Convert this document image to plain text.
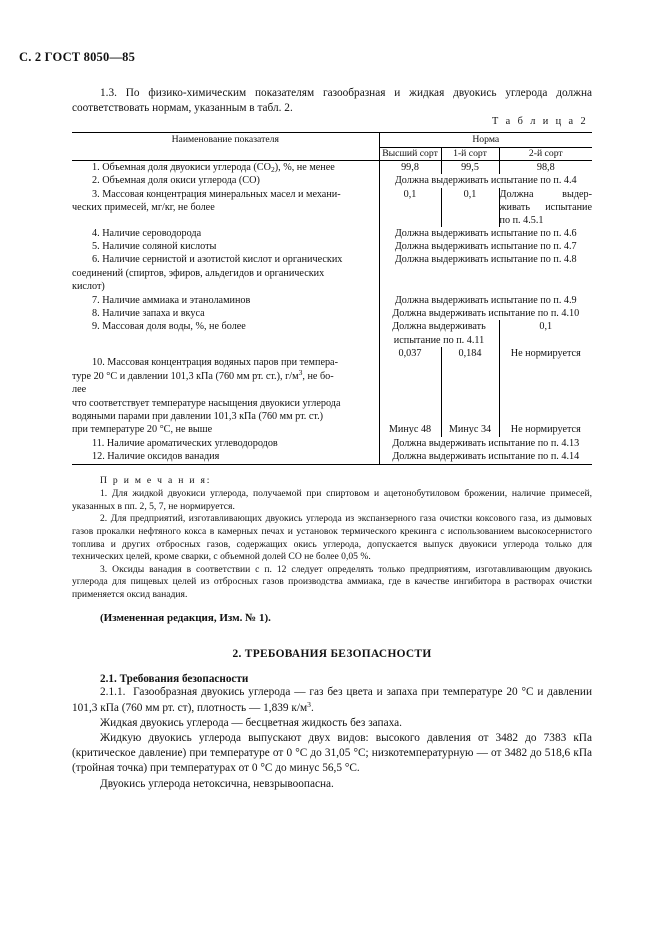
С. 2 ГОСТ 8050—85

1.3. По физико-химическим показателям газообразная и жидкая двуокись углерода должна соответствовать нормам, указанным в табл. 2.

Т а б л и ц а 2
Наименование показателя	Норма		
	Высший сорт	1-й сорт	2-й сорт

1. Объемная доля двуокиси углерода $(CO_2)$, %, не менее	99,8	99,5	98,8

2. Объемная доля окиси углерода (СО)	Должна выдерживать испытание по п. 4.4		

3. Массовая концентрация минеральных масел и механи-
ческих примесей, мг/кг, не более	0,1	0,1	Должна выдерживать испытание по п. 4.5.1

4. Наличие сероводорода	Должна выдерживать испытание по п. 4.6		

5. Наличие соляной кислоты	Должна выдерживать испытание по п. 4.7		

6. Наличие сернистой и азотистой кислот и органических
соединений (спиртов, эфиров, альдегидов и органических
кислот)	Должна выдерживать испытание по п. 4.8		

7. Наличие аммиака и этаноламинов	Должна выдерживать испытание по п. 4.9		

8. Наличие запаха и вкуса	Должна выдерживать испытание по п. 4.10		

9. Массовая доля воды, %, не более	Должна выдерживать испытание по п. 4.11		0,1

10. Массовая концентрация водяных паров при темпера-
туре 20 °С и давлении 101,3 кПа (760 мм рт. ст.), $г/м^3$, не бо-
лее	0,037	0,184	Не нормируется

что соответствует температуре насыщения двуокиси углерода
водяными парами при давлении 101,3 кПа (760 мм рт. ст.)
при температуре 20 °С, не выше	Минус 48	Минус 34	Не нормируется

11. Наличие ароматических углеводородов	Должна выдерживать испытание по п. 4.13		

12. Наличие оксидов ванадия	Должна выдерживать испытание по п. 4.14		

П р и м е ч а н и я:

1. Для жидкой двуокиси углерода, получаемой при спиртовом и ацетонобутиловом брожении, наличие примесей, указанных в пп. 2, 5, 7, не нормируется.

2. Для предприятий, изготавливающих двуокись углерода из экспанзерного газа очистки коксового газа, из дымовых газов прокалки нефтяного кокса в камерных печах и установок термического крекинга с использованием высокосернистого топлива и других отбросных газов, содержащих окись углерода, допускается выпуск двуокиси углерода только для технических целей, кроме сварки, с объемной долей СО не более 0,05 %.

3. Оксиды ванадия в соответствии с п. 12 следует определять только предприятиям, изготавливающим двуокись углерода для пищевых целей из отбросных газов производства аммиака, где в качестве ингибитора в растворах очистки применяется оксид ванадия.

(Измененная редакция, Изм. № 1).

2. ТРЕБОВАНИЯ БЕЗОПАСНОСТИ

2.1. Требования безопасности

2.1.1.  Газообразная двуокись углерода — газ без цвета и запаха при температуре 20 °С и давлении 101,3 кПа (760 мм рт. ст), плотность — 1,839 $к/м^3$.

Жидкая двуокись углерода — бесцветная жидкость без запаха.

Жидкую двуокись углерода выпускают двух видов: высокого давления от 3482 до 7383 кПа (критическое давление) при температуре от 0 °С до 31,05 °С; низкотемпературную — от 3482 до 518,6 кПа (тройная точка) при температурах от 0 °С до минус 56,5 °С.

Двуокись углерода нетоксична, невзрывоопасна.
